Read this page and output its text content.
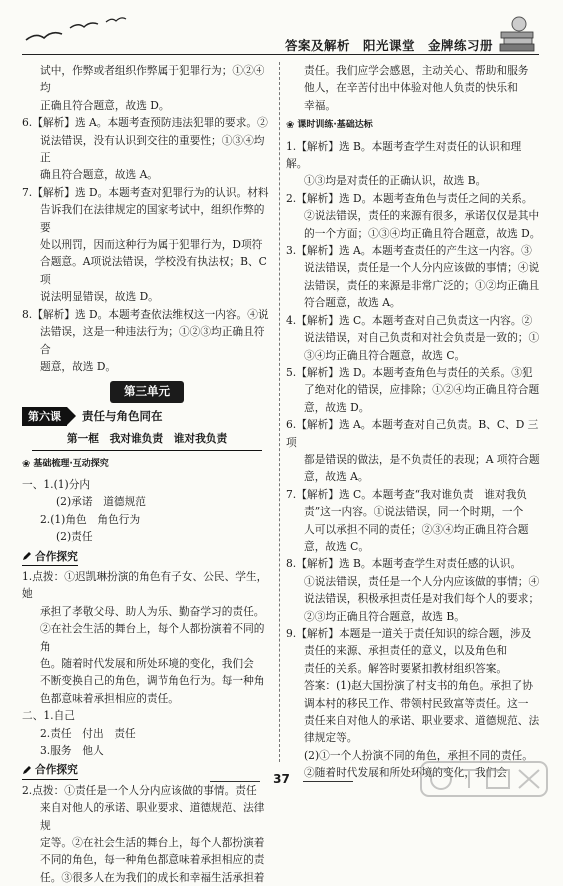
答案及解析　阳光课堂　金牌练习册

试中，作弊或者组织作弊属于犯罪行为；①②④均

正确且符合题意，故选 D。

6.【解析】选 A。本题考查预防违法犯罪的要求。②

说法错误，没有认识到交往的重要性；①③④均正

确且符合题意，故选 A。

7.【解析】选 D。本题考查对犯罪行为的认识。材料

告诉我们在法律规定的国家考试中，组织作弊的要

处以刑罚，因而这种行为属于犯罪行为，D项符

合题意。A项说法错误，学校没有执法权；B、C 项

说法明显错误，故选 D。

8.【解析】选 D。本题考查依法维权这一内容。④说

法错误，这是一种违法行为；①②③均正确且符合

题意，故选 D。

第三单元
第六课	责任与角色同在
第一框　我对谁负责　谁对我负责
❀ 基础梳理·互动探究

一、1.(1)分内

(2)承诺　道德规范

2.(1)角色　角色行为

(2)责任

合作探究

1.点拨：①迟凯琳扮演的角色有子女、公民、学生，她

承担了孝敬父母、助人为乐、勤奋学习的责任。

②在社会生活的舞台上，每个人都扮演着不同的角

色。随着时代发展和所处环境的变化，我们会

不断变换自己的角色，调节角色行为。每一种角

色都意味着承担相应的责任。

二、1.自己

2.责任　付出　责任

3.服务　他人

合作探究

2.点拨：①责任是一个人分内应该做的事情。责任

来自对他人的承诺、职业要求、道德规范、法律规

定等。②在社会生活的舞台上，每个人都扮演着

不同的角色，每一种角色都意味着承担相应的责

任。③很多人在为我们的成长和幸福生活承担着

责任。我们应学会感恩，主动关心、帮助和服务

他人，在辛苦付出中体验对他人负责的快乐和

幸福。

❀ 课时训练·基础达标

1.【解析】选 B。本题考查学生对责任的认识和理解。

①③均是对责任的正确认识，故选 B。

2.【解析】选 D。本题考查角色与责任之间的关系。

②说法错误，责任的来源有很多，承诺仅仅是其中

的一个方面；①③④均正确且符合题意，故选 D。

3.【解析】选 A。本题考查责任的产生这一内容。③

说法错误，责任是一个人分内应该做的事情；④说

法错误，责任的来源是非常广泛的；①②均正确且

符合题意，故选 A。

4.【解析】选 C。本题考查对自己负责这一内容。②

说法错误，对自己负责和对社会负责是一致的；①

③④均正确且符合题意，故选 C。

5.【解析】选 D。本题考查角色与责任的关系。③犯

了绝对化的错误，应排除；①②④均正确且符合题

意，故选 D。

6.【解析】选 A。本题考查对自己负责。B、C、D 三项

都是错误的做法，是不负责任的表现；A 项符合题

意，故选 A。

7.【解析】选 C。本题考查“我对谁负责　谁对我负

责”这一内容。①说法错误，同一个时期，一个

人可以承担不同的责任；②③④均正确且符合题

意，故选 C。

8.【解析】选 B。本题考查学生对责任感的认识。

①说法错误，责任是一个人分内应该做的事情；④

说法错误，积极承担责任是对我们每个人的要求；

②③均正确且符合题意，故选 B。

9.【解析】本题是一道关于责任知识的综合题，涉及

责任的来源、承担责任的意义，以及角色和

责任的关系。解答时要紧扣教材组织答案。

答案：(1)赵大国扮演了村支书的角色。承担了协

调本村的移民工作、带领村民致富等责任。这一

责任来自对他人的承诺、职业要求、道德规范、法

律规定等。

(2)①一个人扮演不同的角色，承担不同的责任。

②随着时代发展和所处环境的变化，我们会

37
